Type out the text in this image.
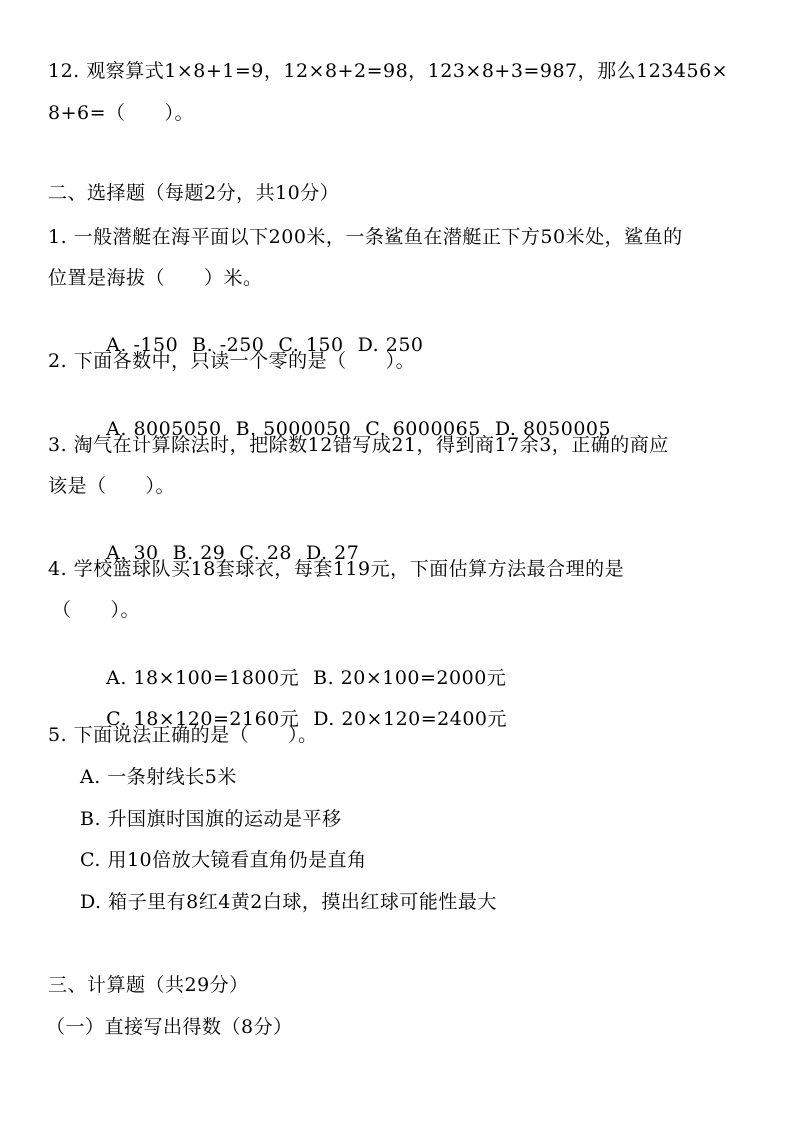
12. 观察算式1×8+1=9，12×8+2=98，123×8+3=987，那么123456×
8+6=（　　）。
二、选择题（每题2分，共10分）
1. 一般潜艇在海平面以下200米，一条鲨鱼在潜艇正下方50米处，鲨鱼的
位置是海拔（　　）米。

A. -150 B. -250 C. 150 D. 250

2. 下面各数中，只读一个零的是（　　）。

A. 8005050 B. 5000050 C. 6000065 D. 8050005

3. 淘气在计算除法时，把除数12错写成21，得到商17余3，正确的商应
该是（　　）。

A. 30 B. 29 C. 28 D. 27

4. 学校篮球队买18套球衣，每套119元，下面估算方法最合理的是
（　　）。

A. 18×100=1800元 B. 20×100=2000元

C. 18×120=2160元 D. 20×120=2400元

5. 下面说法正确的是（　　）。
A. 一条射线长5米
B. 升国旗时国旗的运动是平移
C. 用10倍放大镜看直角仍是直角
D. 箱子里有8红4黄2白球，摸出红球可能性最大
三、计算题（共29分）
（一）直接写出得数（8分）
